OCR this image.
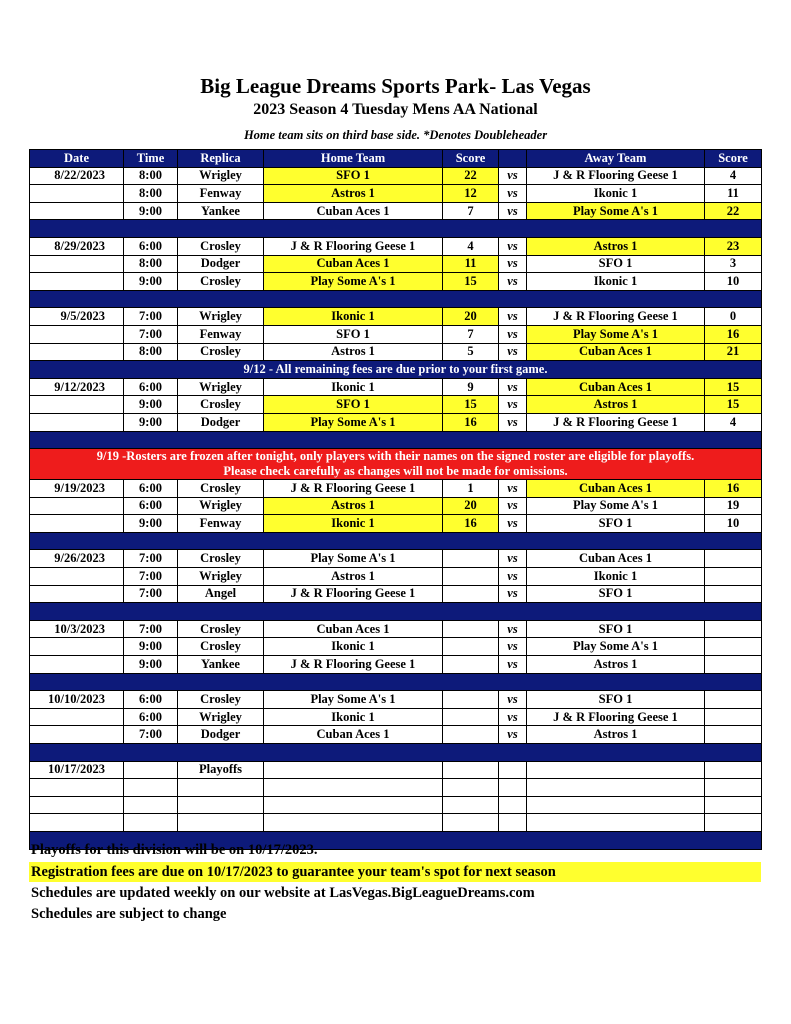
Big League Dreams Sports Park- Las Vegas
2023 Season 4 Tuesday Mens AA National
Home team sits on third base side. *Denotes Doubleheader
Date	Time	Replica	Home Team	Score		Away Team	Score
8/22/2023	8:00	Wrigley	SFO 1	22	vs	J & R Flooring Geese 1	4
	8:00	Fenway	Astros 1	12	vs	Ikonic 1	11
	9:00	Yankee	Cuban Aces 1	7	vs	Play Some A's 1	22

8/29/2023	6:00	Crosley	J & R Flooring Geese 1	4	vs	Astros 1	23
	8:00	Dodger	Cuban Aces 1	11	vs	SFO 1	3
	9:00	Crosley	Play Some A's 1	15	vs	Ikonic 1	10

9/5/2023	7:00	Wrigley	Ikonic 1	20	vs	J & R Flooring Geese 1	0
	7:00	Fenway	SFO 1	7	vs	Play Some A's 1	16
	8:00	Crosley	Astros 1	5	vs	Cuban Aces 1	21
9/12 - All remaining fees are due prior to your first game.							
9/12/2023	6:00	Wrigley	Ikonic 1	9	vs	Cuban Aces 1	15
	9:00	Crosley	SFO 1	15	vs	Astros 1	15
	9:00	Dodger	Play Some A's 1	16	vs	J & R Flooring Geese 1	4

9/19 -Rosters are frozen after tonight, only players with their names on the signed roster are eligible for playoffs.
Please check carefully as changes will not be made for omissions.							

9/19/2023	6:00	Crosley	J & R Flooring Geese 1	1	vs	Cuban Aces 1	16
	6:00	Wrigley	Astros 1	20	vs	Play Some A's 1	19
	9:00	Fenway	Ikonic 1	16	vs	SFO 1	10

9/26/2023	7:00	Crosley	Play Some A's 1		vs	Cuban Aces 1	
	7:00	Wrigley	Astros 1		vs	Ikonic 1	
	7:00	Angel	J & R Flooring Geese 1		vs	SFO 1	

10/3/2023	7:00	Crosley	Cuban Aces 1		vs	SFO 1	
	9:00	Crosley	Ikonic 1		vs	Play Some A's 1	
	9:00	Yankee	J & R Flooring Geese 1		vs	Astros 1	

10/10/2023	6:00	Crosley	Play Some A's 1		vs	SFO 1	
	6:00	Wrigley	Ikonic 1		vs	J & R Flooring Geese 1	
	7:00	Dodger	Cuban Aces 1		vs	Astros 1	

10/17/2023		Playoffs					

Playoffs for this division will be on 10/17/2023.
Registration fees are due on 10/17/2023 to guarantee your team's spot for next season
Schedules are updated weekly on our website at LasVegas.BigLeagueDreams.com
Schedules are subject to change
